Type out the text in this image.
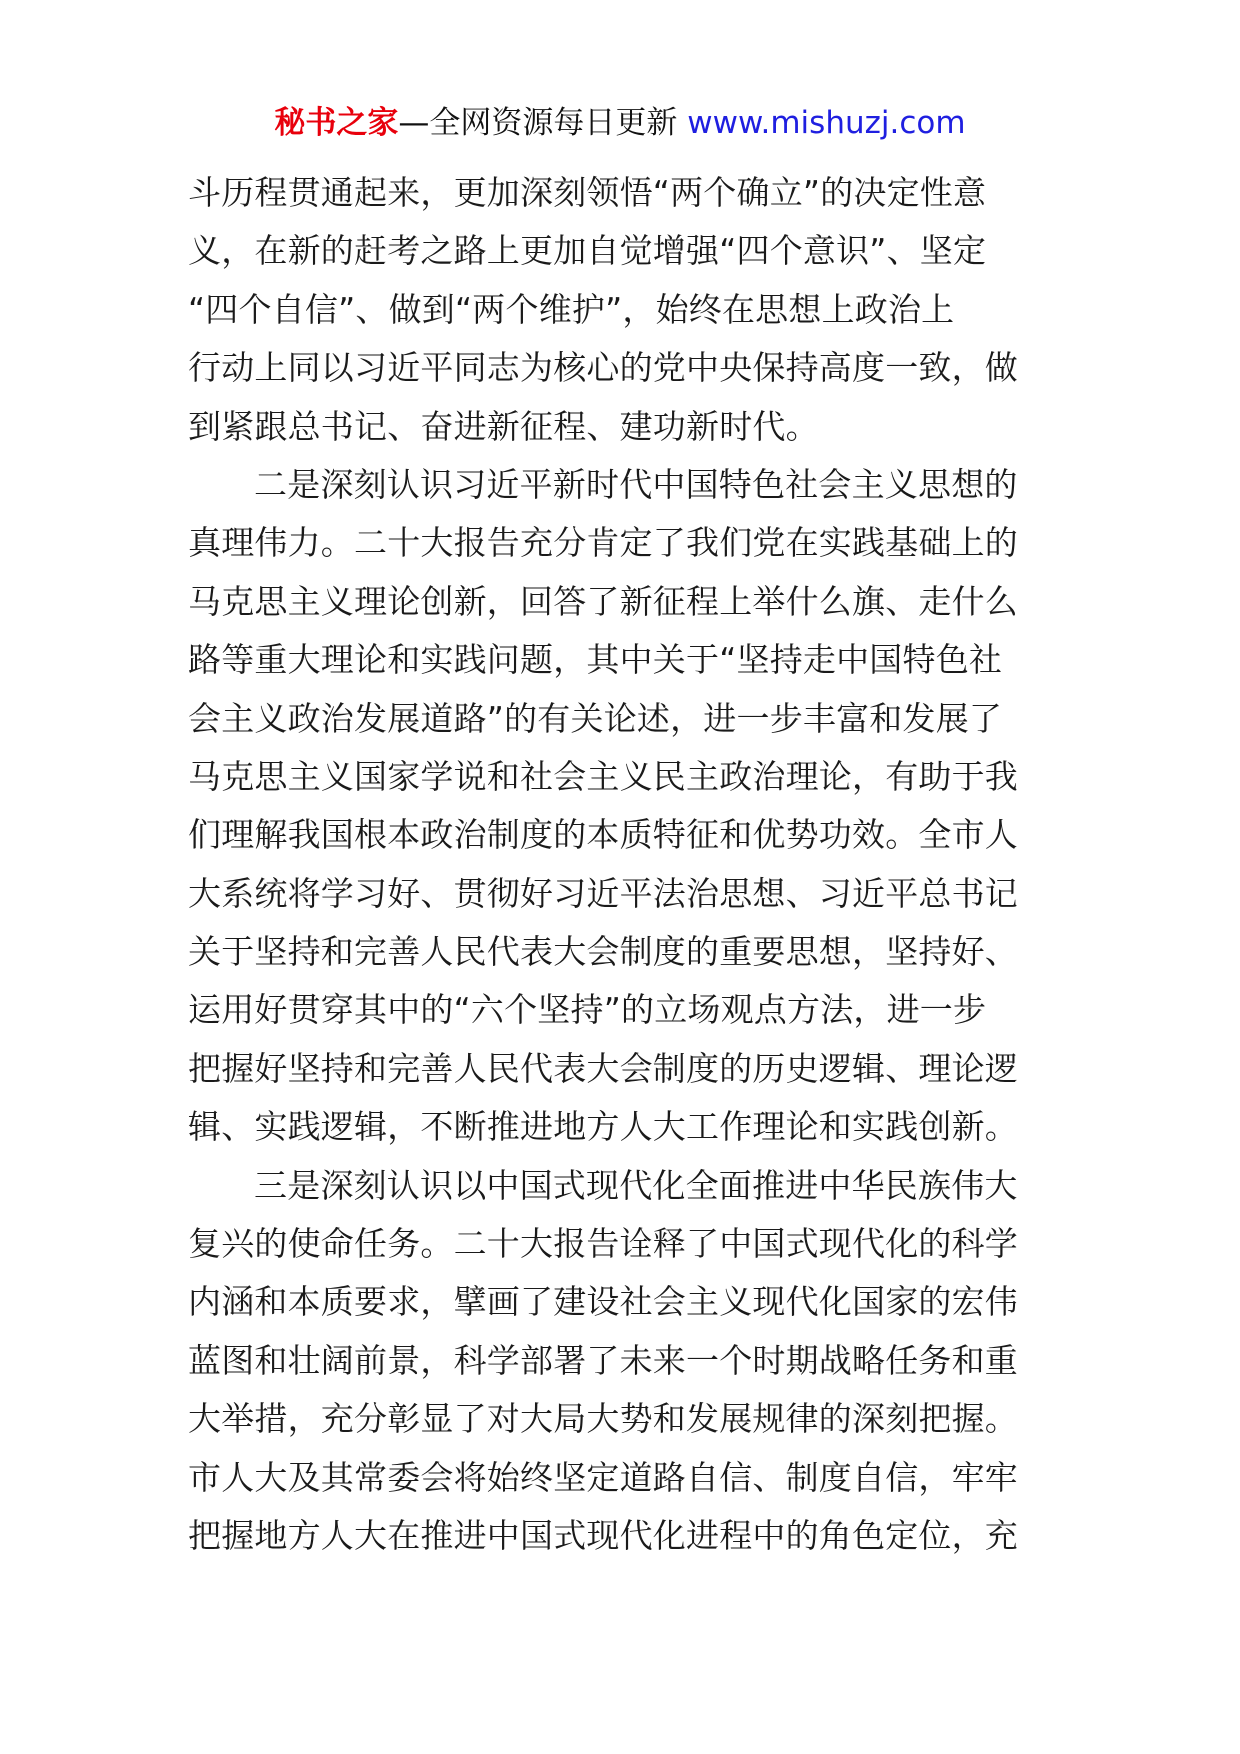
秘书之家—全网资源每日更新 www.mishuzj.com
斗历程贯通起来，更加深刻领悟“两个确立”的决定性意
义，在新的赶考之路上更加自觉增强“四个意识”、坚定
“四个自信”、做到“两个维护”，始终在思想上政治上
行动上同以习近平同志为核心的党中央保持高度一致，做
到紧跟总书记、奋进新征程、建功新时代。
二是深刻认识习近平新时代中国特色社会主义思想的
真理伟力。二十大报告充分肯定了我们党在实践基础上的
马克思主义理论创新，回答了新征程上举什么旗、走什么
路等重大理论和实践问题，其中关于“坚持走中国特色社
会主义政治发展道路”的有关论述，进一步丰富和发展了
马克思主义国家学说和社会主义民主政治理论，有助于我
们理解我国根本政治制度的本质特征和优势功效。全市人
大系统将学习好、贯彻好习近平法治思想、习近平总书记
关于坚持和完善人民代表大会制度的重要思想，坚持好、
运用好贯穿其中的“六个坚持”的立场观点方法，进一步
把握好坚持和完善人民代表大会制度的历史逻辑、理论逻
辑、实践逻辑，不断推进地方人大工作理论和实践创新。
三是深刻认识以中国式现代化全面推进中华民族伟大
复兴的使命任务。二十大报告诠释了中国式现代化的科学
内涵和本质要求，擘画了建设社会主义现代化国家的宏伟
蓝图和壮阔前景，科学部署了未来一个时期战略任务和重
大举措，充分彰显了对大局大势和发展规律的深刻把握。
市人大及其常委会将始终坚定道路自信、制度自信，牢牢
把握地方人大在推进中国式现代化进程中的角色定位，充
